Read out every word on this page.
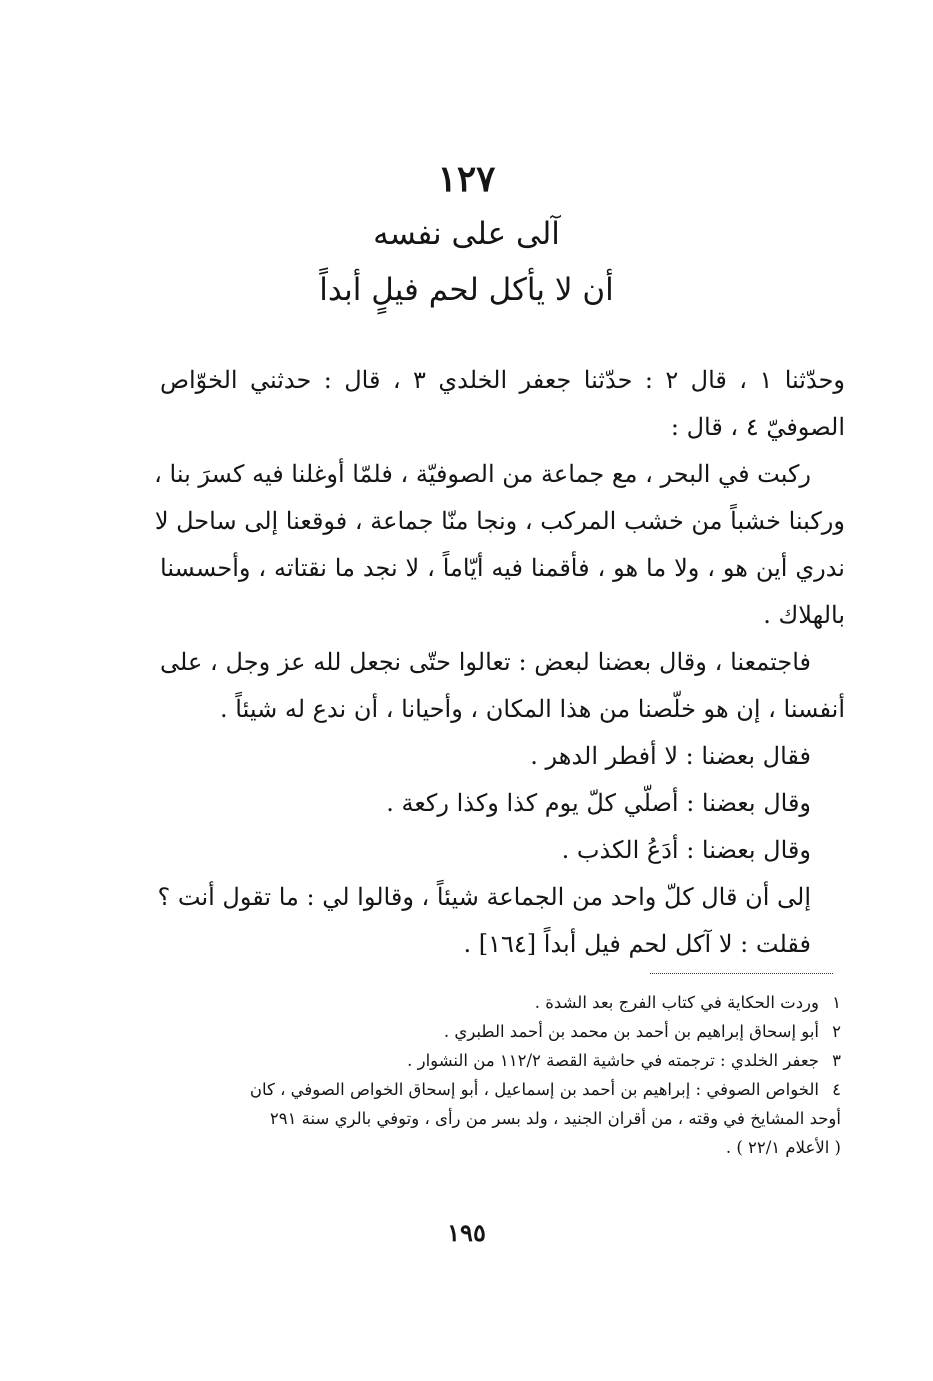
١٢٧
آلى على نفسه
أن لا يأكل لحم فيلٍ أبداً
وحدّثنا ١ ، قال ٢ : حدّثنا جعفر الخلدي ٣ ، قال : حدثني الخوّاص
الصوفيّ ٤ ، قال :
ركبت في البحر ، مع جماعة من الصوفيّة ، فلمّا أوغلنا فيه كسرَ بنا ،
وركبنا خشباً من خشب المركب ، ونجا منّا جماعة ، فوقعنا إلى ساحل لا
ندري أين هو ، ولا ما هو ، فأقمنا فيه أيّاماً ، لا نجد ما نقتاته ، وأحسسنا
بالهلاك .
فاجتمعنا ، وقال بعضنا لبعض : تعالوا حتّى نجعل لله عز وجل ، على
أنفسنا ، إن هو خلّصنا من هذا المكان ، وأحيانا ، أن ندع له شيئاً .
فقال بعضنا : لا أفطر الدهر .
وقال بعضنا : أصلّي كلّ يوم كذا وكذا ركعة .
وقال بعضنا : أدَعُ الكذب .
إلى أن قال كلّ واحد من الجماعة شيئاً ، وقالوا لي : ما تقول أنت ؟
فقلت : لا آكل لحم فيل أبداً [١٦٤] .
١وردت الحكاية في كتاب الفرج بعد الشدة .
٢أبو إسحاق إبراهيم بن أحمد بن محمد بن أحمد الطبري .
٣جعفر الخلدي : ترجمته في حاشية القصة ١١٢/٢ من النشوار .
٤الخواص الصوفي : إبراهيم بن أحمد بن إسماعيل ، أبو إسحاق الخواص الصوفي ، كان
أوحد المشايخ في وقته ، من أقران الجنيد ، ولد بسر من رأى ، وتوفي بالري سنة ٢٩١
( الأعلام ٢٢/١ ) .
١٩٥
